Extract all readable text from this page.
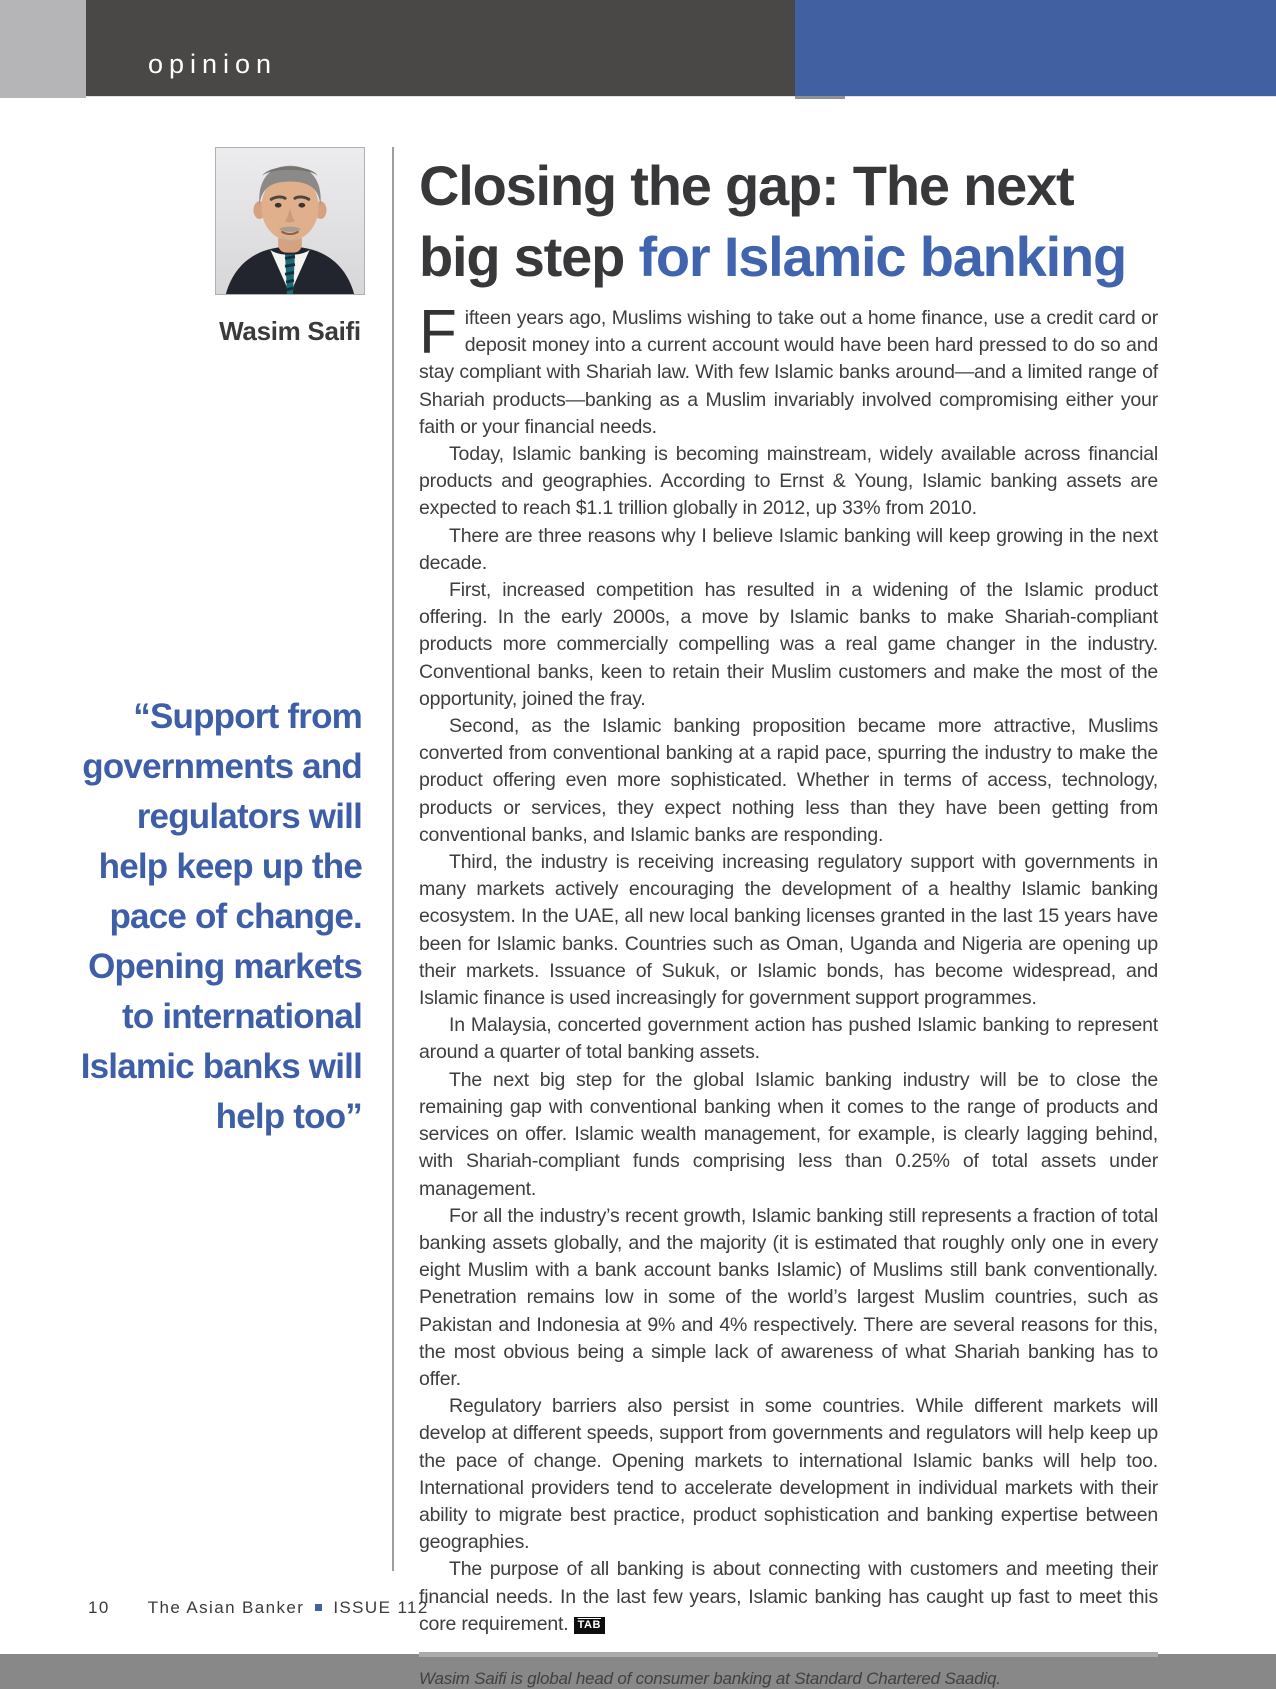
opinion
Wasim Saifi
“Support from
governments and
regulators will
help keep up the
pace of change.
Opening markets
to international
Islamic banks will
help too”
Closing the gap: The next
big step for Islamic banking

Fifteen years ago, Muslims wishing to take out a home finance, use a credit card or deposit money into a current account would have been hard pressed to do so and stay compliant with Shariah law. With few Islamic banks around—and a limited range of Shariah products—banking as a Muslim invariably involved compromising either your faith or your financial needs.

Today, Islamic banking is becoming mainstream, widely available across financial products and geographies. According to Ernst & Young, Islamic banking assets are expected to reach $1.1 trillion globally in 2012, up 33% from 2010.

There are three reasons why I believe Islamic banking will keep growing in the next decade.

First, increased competition has resulted in a widening of the Islamic product offering. In the early 2000s, a move by Islamic banks to make Shariah-compliant products more commercially compelling was a real game changer in the industry. Conventional banks, keen to retain their Muslim customers and make the most of the opportunity, joined the fray.

Second, as the Islamic banking proposition became more attractive, Muslims converted from conventional banking at a rapid pace, spurring the industry to make the product offering even more sophisticated. Whether in terms of access, technology, products or services, they expect nothing less than they have been getting from conventional banks, and Islamic banks are responding.

Third, the industry is receiving increasing regulatory support with governments in many markets actively encouraging the development of a healthy Islamic banking ecosystem. In the UAE, all new local banking licenses granted in the last 15 years have been for Islamic banks. Countries such as Oman, Uganda and Nigeria are opening up their markets. Issuance of Sukuk, or Islamic bonds, has become widespread, and Islamic finance is used increasingly for government support programmes.

In Malaysia, concerted government action has pushed Islamic banking to represent around a quarter of total banking assets.

The next big step for the global Islamic banking industry will be to close the remaining gap with conventional banking when it comes to the range of products and services on offer. Islamic wealth management, for example, is clearly lagging behind, with Shariah-compliant funds comprising less than 0.25% of total assets under management.

For all the industry’s recent growth, Islamic banking still represents a fraction of total banking assets globally, and the majority (it is estimated that roughly only one in every eight Muslim with a bank account banks Islamic) of Muslims still bank conventionally. Penetration remains low in some of the world’s largest Muslim countries, such as Pakistan and Indonesia at 9% and 4% respectively. There are several reasons for this, the most obvious being a simple lack of awareness of what Shariah banking has to offer.

Regulatory barriers also persist in some countries. While different markets will develop at different speeds, support from governments and regulators will help keep up the pace of change. Opening markets to international Islamic banks will help too. International providers tend to accelerate development in individual markets with their ability to migrate best practice, product sophistication and banking expertise between geographies.

The purpose of all banking is about connecting with customers and meeting their financial needs. In the last few years, Islamic banking has caught up fast to meet this core requirement. $\overline{TAB}$

Wasim Saifi is global head of consumer banking at Standard Chartered Saadiq.

10 The Asian Banker ISSUE 112
